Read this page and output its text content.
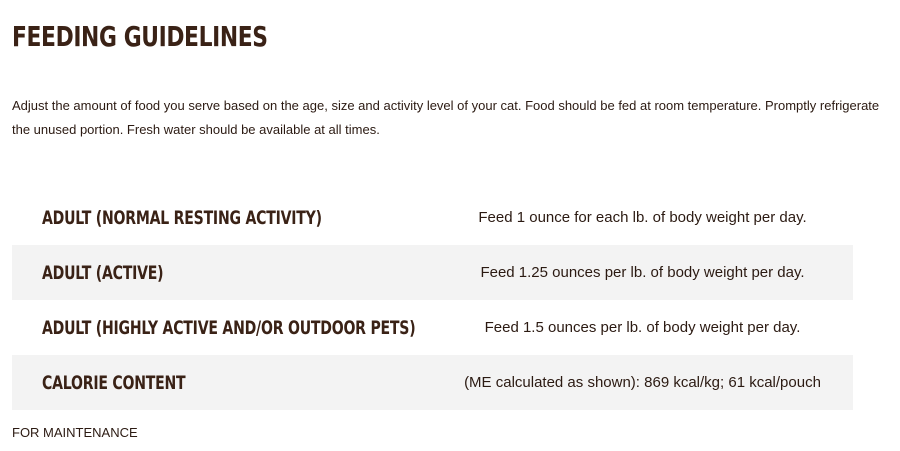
FEEDING GUIDELINES

Adjust the amount of food you serve based on the age, size and activity level of your cat. Food should be fed at room temperature. Promptly refrigerate the unused portion. Fresh water should be available at all times.

ADULT (NORMAL RESTING ACTIVITY)	Feed 1 ounce for each lb. of body weight per day.
ADULT (ACTIVE)	Feed 1.25 ounces per lb. of body weight per day.
ADULT (HIGHLY ACTIVE AND/OR OUTDOOR PETS)	Feed 1.5 ounces per lb. of body weight per day.
CALORIE CONTENT	(ME calculated as shown): 869 kcal/kg; 61 kcal/pouch

FOR MAINTENANCE
